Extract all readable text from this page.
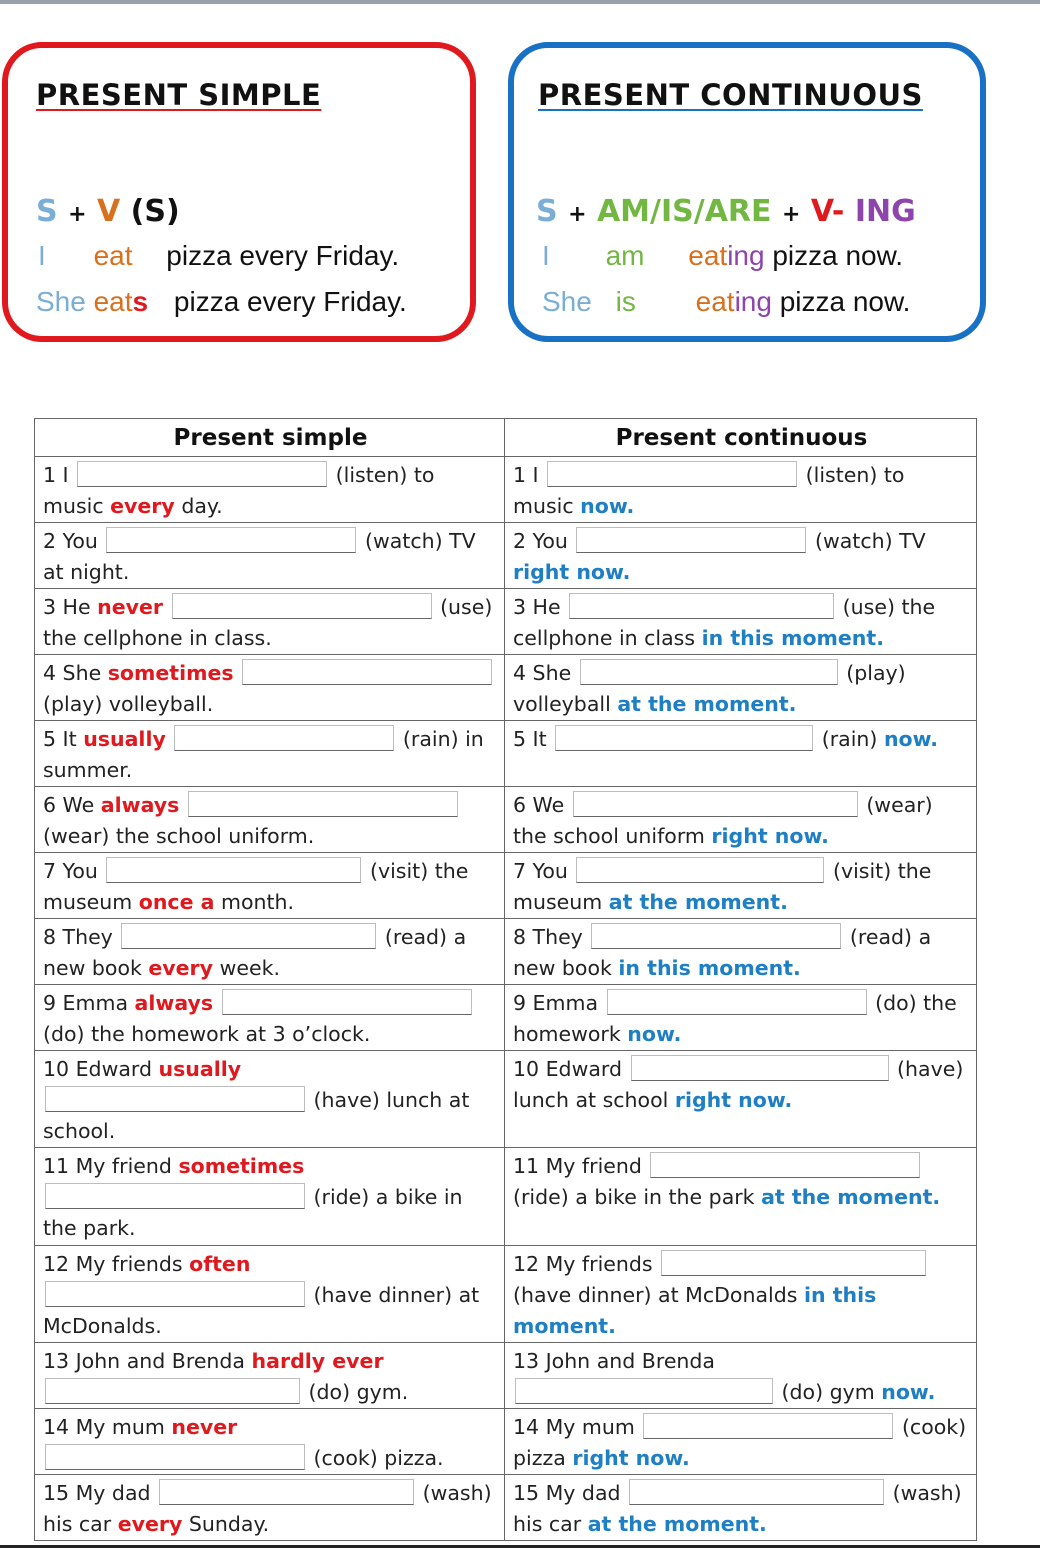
PRESENT SIMPLE
S + V (S)
I eat pizza every Friday.
She eats pizza every Friday.
PRESENT CONTINUOUS
S + AM/IS/ARE + V- ING
I am eating pizza now.
She is eating pizza now.
Present simple	Present continuous
1 I (listen) to music every day.	1 I (listen) to music now.
2 You (watch) TV at night.	2 You (watch) TV right now.
3 He never (use) the cellphone in class.	3 He (use) the cellphone in class in this moment.
4 She sometimes  (play) volleyball.	4 She (play) volleyball at the moment.
5 It usually (rain) in summer.	5 It (rain) now.
6 We always  (wear) the school uniform.	6 We (wear) the school uniform right now.
7 You (visit) the museum once a month.	7 You (visit) the museum at the moment.
8 They (read) a new book every week.	8 They (read) a new book in this moment.
9 Emma always  (do) the homework at 3 o’clock.	9 Emma (do) the homework now.
10 Edward usually  (have) lunch at school.	10 Edward (have) lunch at school right now.
11 My friend sometimes  (ride) a bike in the park.	11 My friend  (ride) a bike in the park at the moment.
12 My friends often  (have dinner) at McDonalds.	12 My friends  (have dinner) at McDonalds in this moment.
13 John and Brenda hardly ever  (do) gym.	13 John and Brenda  (do) gym now.
14 My mum never  (cook) pizza.	14 My mum (cook) pizza right now.
15 My dad (wash) his car every Sunday.	15 My dad (wash) his car at the moment.
